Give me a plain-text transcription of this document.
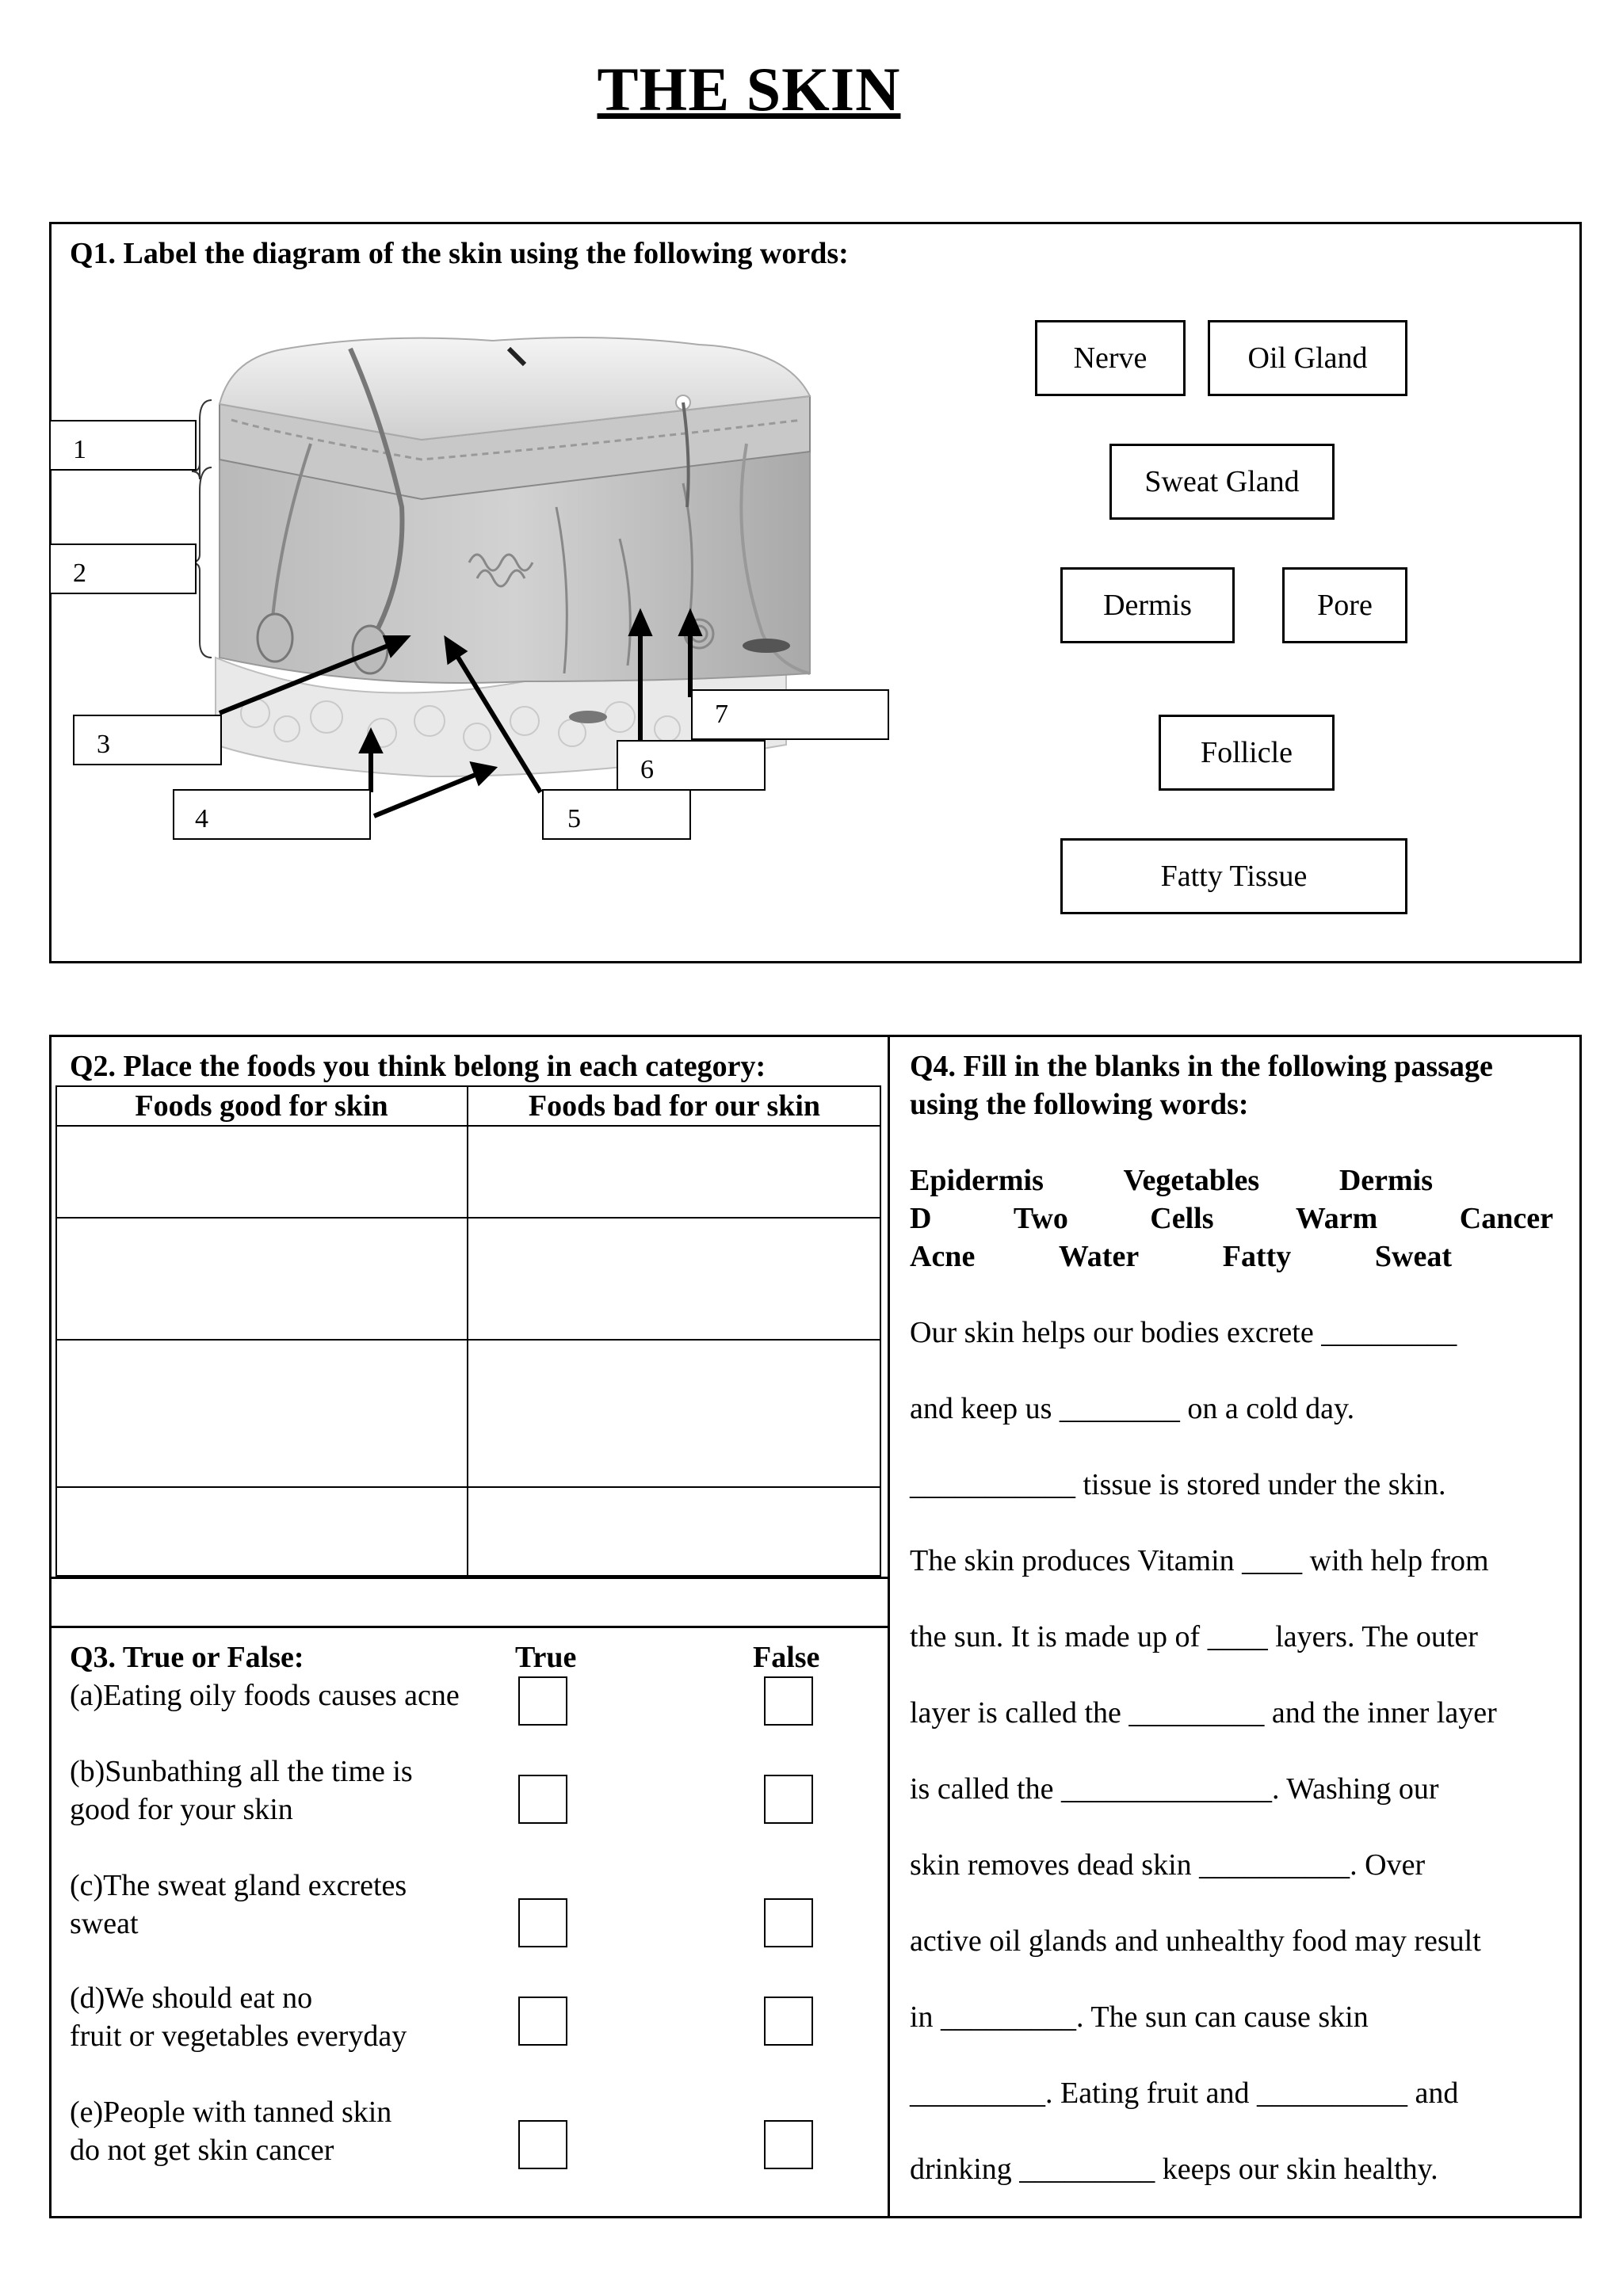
THE SKIN
Q1. Label the diagram of the skin using the following words:
1
2
3
4	5
6
7
Nerve	Oil Gland
Sweat Gland
Dermis	Pore
Follicle
Fatty Tissue
Q2. Place the foods you think belong in each category:
Foods good for skin	Foods bad for our skin
Q3. True or False:	True	False
(a)Eating oily foods causes acne
(b)Sunbathing all the time is
good for your skin
(c)The sweat gland excretes
sweat
(d)We should eat no
fruit or vegetables everyday
(e)People with tanned skin
do not get skin cancer
Q4. Fill in the blanks in the following passage
using the following words:
Epidermis	Vegetables	Dermis
D	Two	Cells	Warm	Cancer
Acne	Water	Fatty	Sweat
Our skin helps our bodies excrete _________
and keep us ________ on a cold day.
___________ tissue is stored under the skin.
The skin produces Vitamin ____ with help from
the sun. It is made up of ____ layers. The outer
layer is called the _________ and the inner layer
is called the ______________. Washing our
skin removes dead skin __________. Over
active oil glands and unhealthy food may result
in _________. The sun can cause skin
_________. Eating fruit and __________ and
drinking _________ keeps our skin healthy.
